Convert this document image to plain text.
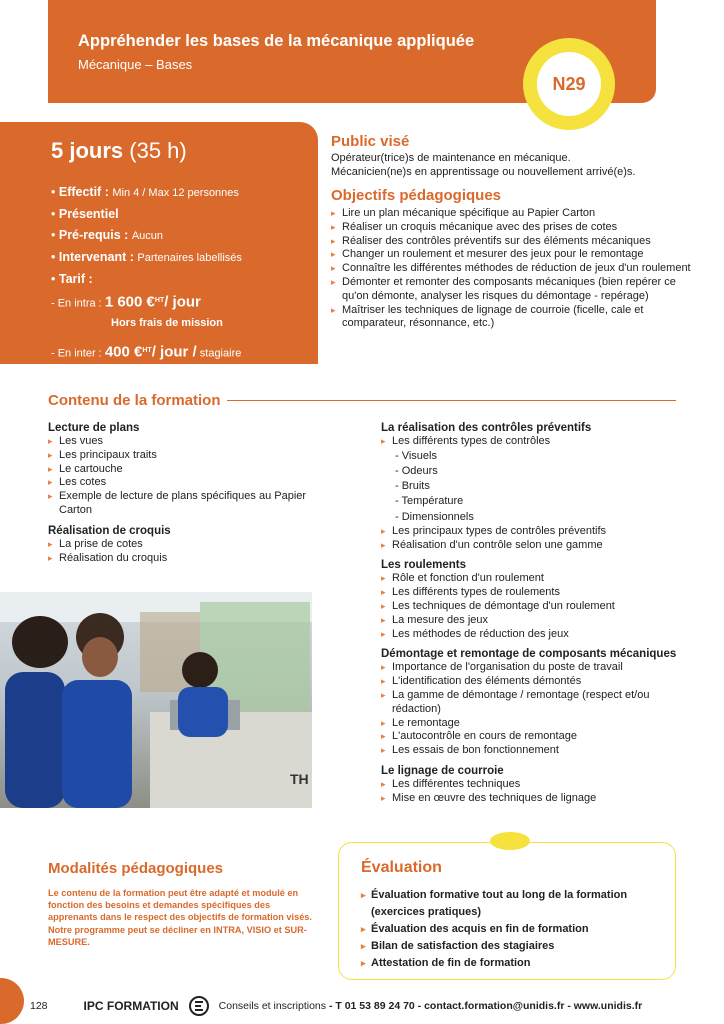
Appréhender les bases de la mécanique appliquée
Mécanique – Bases
N29
5 jours (35 h)
• Effectif : Min 4 / Max 12 personnes
• Présentiel
• Pré-requis : Aucun
• Intervenant : Partenaires labellisés
• Tarif :
- En intra : 1 600 €$^{HT}$/ jour
Hors frais de mission
- En inter : 400 €$^{HT}$/ jour / stagiaire
Public visé
Opérateur(trice)s de maintenance en mécanique.
Mécanicien(ne)s en apprentissage ou nouvellement arrivé(e)s.
Objectifs pédagogiques
▸ Lire un plan mécanique spécifique au Papier Carton
▸ Réaliser un croquis mécanique avec des prises de cotes
▸ Réaliser des contrôles préventifs sur des éléments mécaniques
▸ Changer un roulement et mesurer des jeux pour le remontage
▸ Connaître les différentes méthodes de réduction de jeux d'un roulement
▸ Démonter et remonter des composants mécaniques (bien repérer ce qu'on démonte, analyser les risques du démontage - repérage)
▸ Maîtriser les techniques de lignage de courroie (ficelle, cale et comparateur, résonnance, etc.)
Contenu de la formation
Lecture de plans
▸ Les vues
▸ Les principaux traits
▸ Le cartouche
▸ Les cotes
▸ Exemple de lecture de plans spécifiques au Papier Carton
Réalisation de croquis
▸ La prise de cotes
▸ Réalisation du croquis
TH
La réalisation des contrôles préventifs
▸ Les différents types de contrôles
- Visuels
- Odeurs
- Bruits
- Température
- Dimensionnels
▸ Les principaux types de contrôles préventifs
▸ Réalisation d'un contrôle selon une gamme
Les roulements
▸ Rôle et fonction d'un roulement
▸ Les différents types de roulements
▸ Les techniques de démontage d'un roulement
▸ La mesure des jeux
▸ Les méthodes de réduction des jeux
Démontage et remontage de composants mécaniques
▸ Importance de l'organisation du poste de travail
▸ L'identification des éléments démontés
▸ La gamme de démontage / remontage (respect et/ou rédaction)
▸ Le remontage
▸ L'autocontrôle en cours de remontage
▸ Les essais de bon fonctionnement
Le lignage de courroie
▸ Les différentes techniques
▸ Mise en œuvre des techniques de lignage
Modalités pédagogiques
Le contenu de la formation peut être adapté et modulé en fonction des besoins et demandes spécifiques des apprenants dans le respect des objectifs de formation visés. Notre programme peut se décliner en INTRA, VISIO et SUR-MESURE.
Évaluation
▸ Évaluation formative tout au long de la formation (exercices pratiques)
▸ Évaluation des acquis en fin de formation
▸ Bilan de satisfaction des stagiaires
▸ Attestation de fin de formation
128	IPC FORMATION	Conseils et inscriptions - T 01 53 89 24 70 - contact.formation@unidis.fr - www.unidis.fr
